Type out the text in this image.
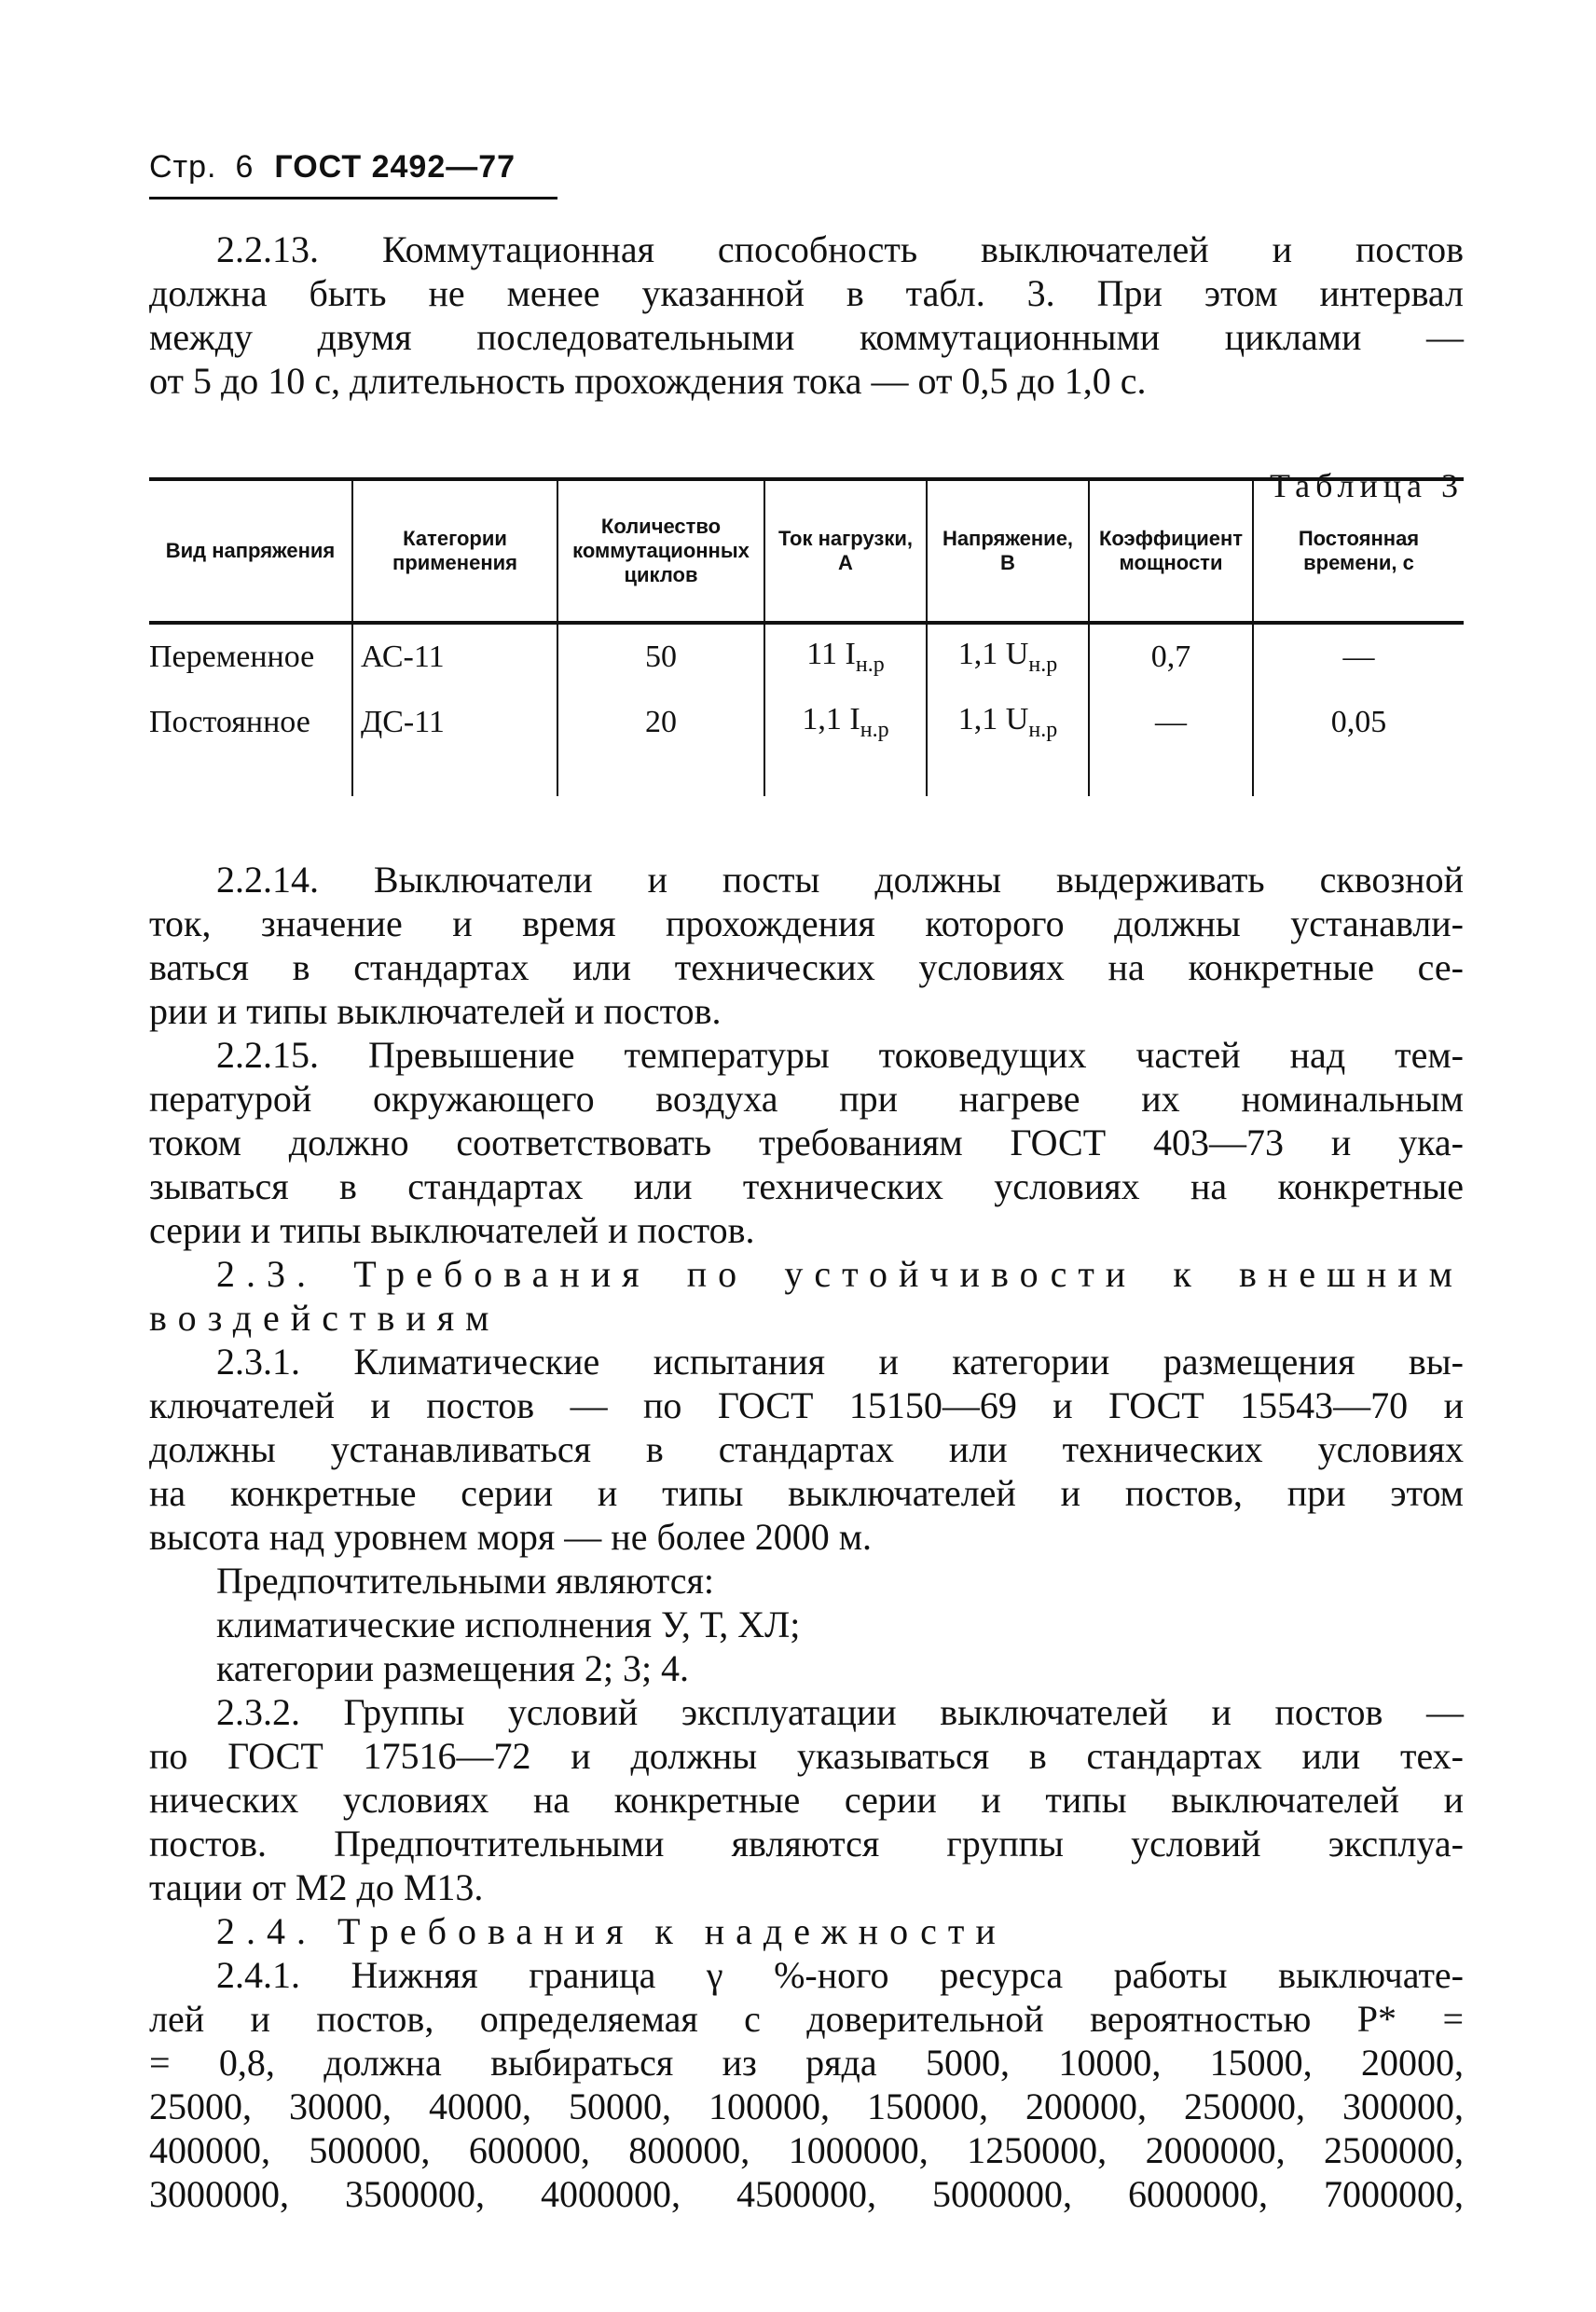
Стр. 6 ГОСТ 2492—77

2.2.13. Коммутационная способность выключателей и постов

должна быть не менее указанной в табл. 3. При этом интервал

между двумя последовательными коммутационными циклами —

от 5 до 10 с, длительность прохождения тока — от 0,5 до 1,0 с.

Таблица 3
Вид напряжения	Категории применения	Количество коммутационных циклов	Ток нагрузки, А	Напряжение, В	Коэффициент мощности	Постоянная времени, с
Переменное	АС-11	50	11 $I_{н.р}$	1,1 $U_{н.р}$	0,7	—
Постоянное	ДС-11	20	1,1 $I_{н.р}$	1,1 $U_{н.р}$	—	0,05

2.2.14. Выключатели и посты должны выдерживать сквозной

ток, значение и время прохождения которого должны устанавли-

ваться в стандартах или технических условиях на конкретные се-

рии и типы выключателей и постов.

2.2.15. Превышение температуры токоведущих частей над тем-

пературой окружающего воздуха при нагреве их номинальным

током должно соответствовать требованиям ГОСТ 403—73 и ука-

зываться в стандартах или технических условиях на конкретные

серии и типы выключателей и постов.

2.3. Требования по устойчивости к внешним

воздействиям

2.3.1. Климатические испытания и категории размещения вы-

ключателей и постов — по ГОСТ 15150—69 и ГОСТ 15543—70 и

должны устанавливаться в стандартах или технических условиях

на конкретные серии и типы выключателей и постов, при этом

высота над уровнем моря — не более 2000 м.

Предпочтительными являются:

климатические исполнения У, Т, ХЛ;

категории размещения 2; 3; 4.

2.3.2. Группы условий эксплуатации выключателей и постов —

по ГОСТ 17516—72 и должны указываться в стандартах или тех-

нических условиях на конкретные серии и типы выключателей и

постов. Предпочтительными являются группы условий эксплуа-

тации от М2 до М13.

2.4. Требования к надежности

2.4.1. Нижняя граница γ %-ного ресурса работы выключате-

лей и постов, определяемая с доверительной вероятностью Р* =

= 0,8, должна выбираться из ряда 5000, 10000, 15000, 20000,

25000, 30000, 40000, 50000, 100000, 150000, 200000, 250000, 300000,

400000, 500000, 600000, 800000, 1000000, 1250000, 2000000, 2500000,

3000000, 3500000, 4000000, 4500000, 5000000, 6000000, 7000000,
